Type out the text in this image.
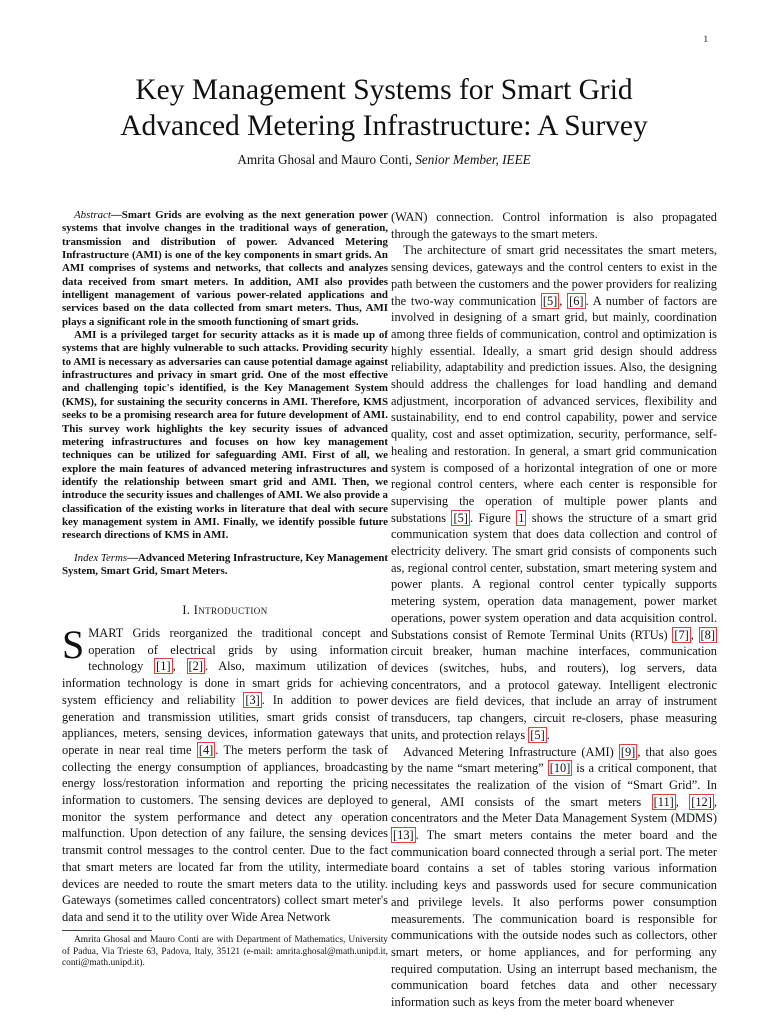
1
Key Management Systems for Smart Grid
Advanced Metering Infrastructure: A Survey
Amrita Ghosal and Mauro Conti, Senior Member, IEEE

Abstract—Smart Grids are evolving as the next generation power systems that involve changes in the traditional ways of generation, transmission and distribution of power. Advanced Metering Infrastructure (AMI) is one of the key components in smart grids. An AMI comprises of systems and networks, that collects and analyzes data received from smart meters. In addition, AMI also provides intelligent management of various power-related applications and services based on the data collected from smart meters. Thus, AMI plays a significant role in the smooth functioning of smart grids.

AMI is a privileged target for security attacks as it is made up of systems that are highly vulnerable to such attacks. Providing security to AMI is necessary as adversaries can cause potential damage against infrastructures and privacy in smart grid. One of the most effective and challenging topic's identified, is the Key Management System (KMS), for sustaining the security concerns in AMI. Therefore, KMS seeks to be a promising research area for future development of AMI. This survey work highlights the key security issues of advanced metering infrastructures and focuses on how key management techniques can be utilized for safeguarding AMI. First of all, we explore the main features of advanced metering infrastructures and identify the relationship between smart grid and AMI. Then, we introduce the security issues and challenges of AMI. We also provide a classification of the existing works in literature that deal with secure key management system in AMI. Finally, we identify possible future research directions of KMS in AMI.

Index Terms—Advanced Metering Infrastructure, Key Management System, Smart Grid, Smart Meters.

I. Introduction

SMART Grids reorganized the traditional concept and operation of electrical grids by using information technology [1] , [2] . Also, maximum utilization of information technology is done in smart grids for achieving system efficiency and reliability [3] . In addition to power generation and transmission utilities, smart grids consist of appliances, meters, sensing devices, information gateways that operate in near real time [4] . The meters perform the task of collecting the energy consumption of appliances, broadcasting energy loss/restoration information and reporting the pricing information to customers. The sensing devices are deployed to monitor the system performance and detect any operation malfunction. Upon detection of any failure, the sensing devices transmit control messages to the control center. Due to the fact that smart meters are located far from the utility, intermediate devices are needed to route the smart meters data to the utility. Gateways (sometimes called concentrators) collect smart meter's data and send it to the utility over Wide Area Network

Amrita Ghosal and Mauro Conti are with Department of Mathematics, University of Padua, Via Trieste 63, Padova, Italy, 35121 (e-mail: amrita.ghosal@math.unipd.it, conti@math.unipd.it).

(WAN) connection. Control information is also propagated through the gateways to the smart meters.

The architecture of smart grid necessitates the smart meters, sensing devices, gateways and the control centers to exist in the path between the customers and the power providers for realizing the two-way communication [5] , [6] . A number of factors are involved in designing of a smart grid, but mainly, coordination among three fields of communication, control and optimization is highly essential. Ideally, a smart grid design should address reliability, adaptability and prediction issues. Also, the designing should address the challenges for load handling and demand adjustment, incorporation of advanced services, flexibility and sustainability, end to end control capability, power and service quality, cost and asset optimization, security, performance, self-healing and restoration. In general, a smart grid communication system is composed of a horizontal integration of one or more regional control centers, where each center is responsible for supervising the operation of multiple power plants and substations [5] . Figure 1 shows the structure of a smart grid communication system that does data collection and control of electricity delivery. The smart grid consists of components such as, regional control center, substation, smart metering system and power plants. A regional control center typically supports metering system, operation data management, power market operations, power system operation and data acquisition control. Substations consist of Remote Terminal Units (RTUs) [7] , [8] circuit breaker, human machine interfaces, communication devices (switches, hubs, and routers), log servers, data concentrators, and a protocol gateway. Intelligent electronic devices are field devices, that include an array of instrument transducers, tap changers, circuit re-closers, phase measuring units, and protection relays [5] .

Advanced Metering Infrastructure (AMI) [9] , that also goes by the name “smart metering” [10] is a critical component, that necessitates the realization of the vision of “Smart Grid”. In general, AMI consists of the smart meters [11] , [12] , concentrators and the Meter Data Management System (MDMS) [13] . The smart meters contains the meter board and the communication board connected through a serial port. The meter board contains a set of tables storing various information including keys and passwords used for secure communication and privilege levels. It also performs power consumption measurements. The communication board is responsible for communications with the outside nodes such as collectors, other smart meters, or home appliances, and for performing any required computation. Using an interrupt based mechanism, the communication board fetches data and other necessary information such as keys from the meter board whenever
